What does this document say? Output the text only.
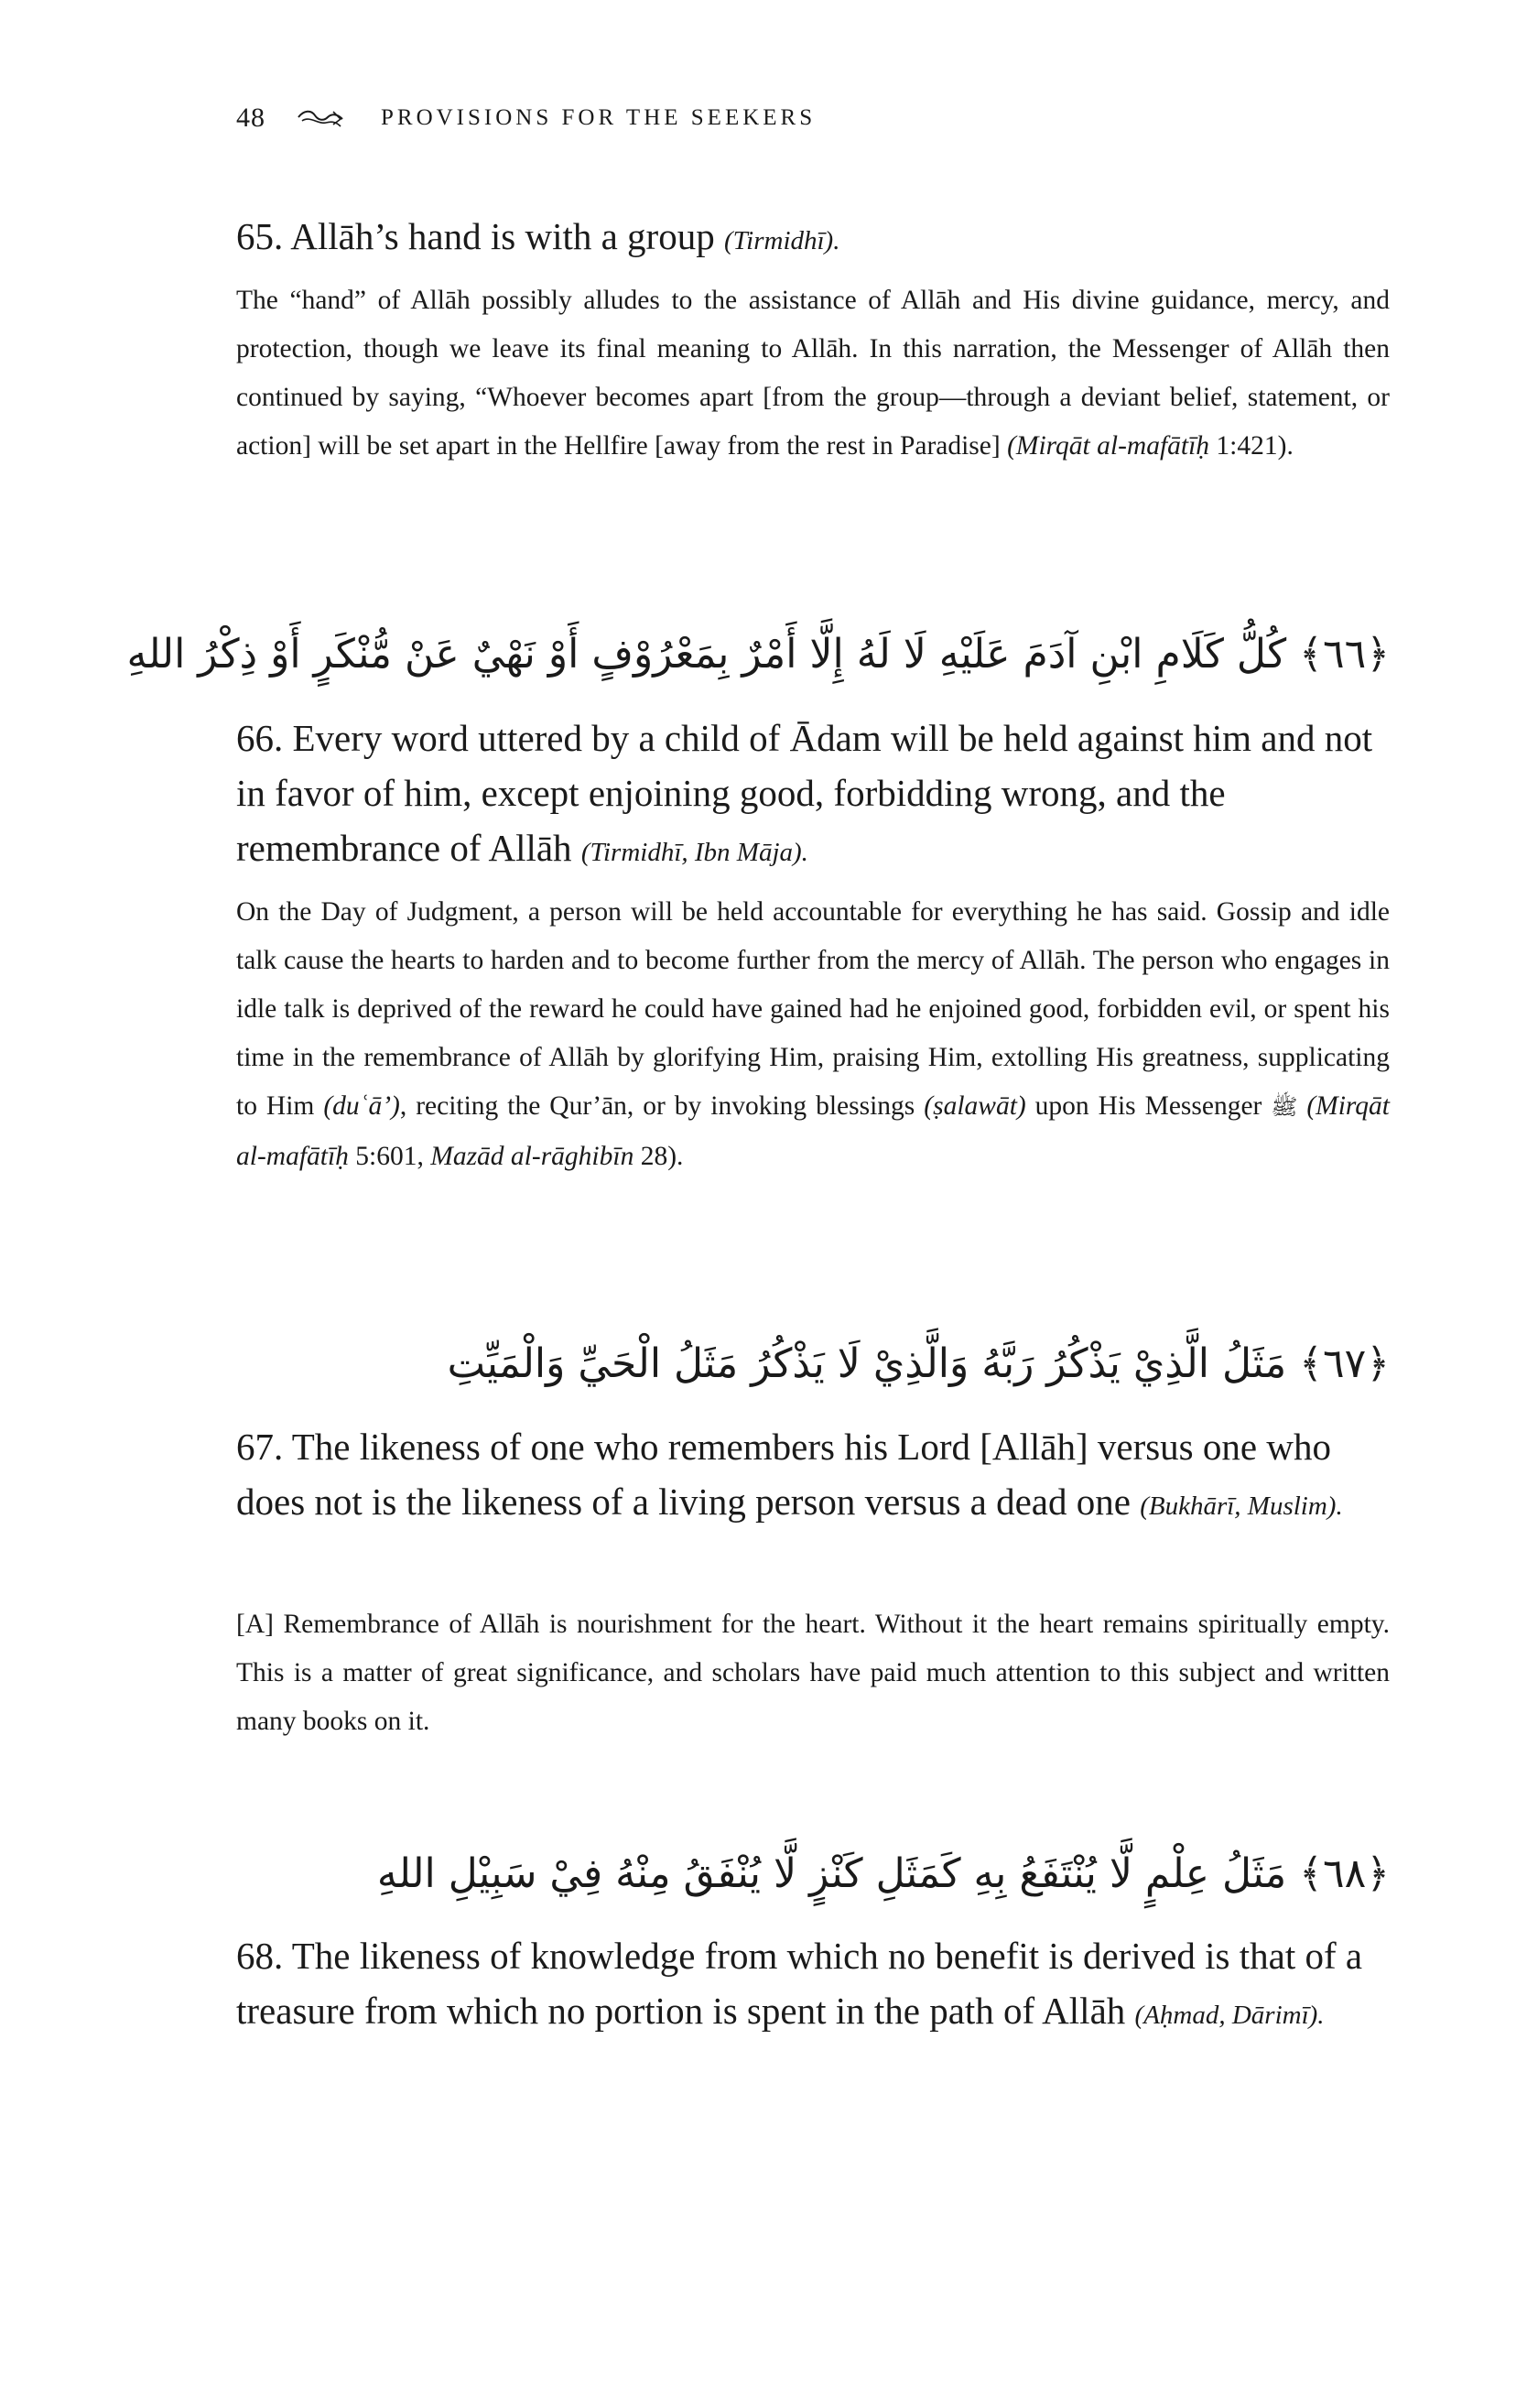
48	PROVISIONS FOR THE SEEKERS
65. Allāh’s hand is with a group (Tirmidhī).

The “hand” of Allāh possibly alludes to the assistance of Allāh and His divine guidance, mercy, and protection, though we leave its final meaning to Allāh. In this narration, the Messenger of Allāh then continued by saying, “Whoever becomes apart [from the group—through a deviant belief, statement, or action] will be set apart in the Hellfire [away from the rest in Paradise] (Mirqāt al-mafātīḥ 1:421).

﴿٦٦﴾ كُلُّ كَلَامِ ابْنِ آدَمَ عَلَيْهِ لَا لَهُ إِلَّا أَمْرٌ بِمَعْرُوْفٍ أَوْ نَهْيٌ عَنْ مُّنْكَرٍ أَوْ ذِكْرُ اللهِ

66. Every word uttered by a child of Ādam will be held against him and not in favor of him, except enjoining good, forbidding wrong, and the remembrance of Allāh (Tirmidhī, Ibn Māja).

On the Day of Judgment, a person will be held accountable for everything he has said. Gossip and idle talk cause the hearts to harden and to become further from the mercy of Allāh. The person who engages in idle talk is deprived of the reward he could have gained had he enjoined good, forbidden evil, or spent his time in the remembrance of Allāh by glorifying Him, praising Him, extolling His greatness, supplicating to Him (duʿā’), reciting the Qur’ān, or by invoking blessings (ṣalawāt) upon His Messenger ﷺ (Mirqāt al-mafātīḥ 5:601, Mazād al-rāghibīn 28).

﴿٦٧﴾ مَثَلُ الَّذِيْ يَذْكُرُ رَبَّهُ وَالَّذِيْ لَا يَذْكُرُ مَثَلُ الْحَيِّ وَالْمَيِّتِ

67. The likeness of one who remembers his Lord [Allāh] versus one who does not is the likeness of a living person versus a dead one (Bukhārī, Muslim).

[A] Remembrance of Allāh is nourishment for the heart. Without it the heart remains spiritually empty. This is a matter of great significance, and scholars have paid much attention to this subject and written many books on it.

﴿٦٨﴾ مَثَلُ عِلْمٍ لَّا يُنْتَفَعُ بِهِ كَمَثَلِ كَنْزٍ لَّا يُنْفَقُ مِنْهُ فِيْ سَبِيْلِ اللهِ

68. The likeness of knowledge from which no benefit is derived is that of a treasure from which no portion is spent in the path of Allāh (Aḥmad, Dārimī).
